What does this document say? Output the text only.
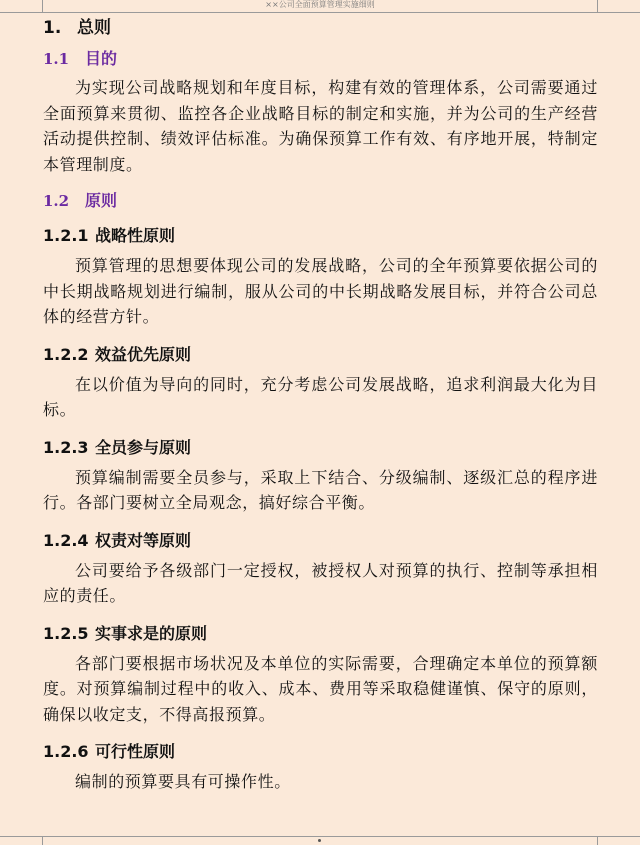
××公司全面预算管理实施细则
1. 总则
1.1 目的

为实现公司战略规划和年度目标，构建有效的管理体系，公司需要通过全面预算来贯彻、监控各企业战略目标的制定和实施，并为公司的生产经营活动提供控制、绩效评估标准。为确保预算工作有效、有序地开展，特制定本管理制度。

1.2 原则
1.2.1 战略性原则

预算管理的思想要体现公司的发展战略，公司的全年预算要依据公司的中长期战略规划进行编制，服从公司的中长期战略发展目标，并符合公司总体的经营方针。

1.2.2 效益优先原则

在以价值为导向的同时，充分考虑公司发展战略，追求利润最大化为目标。

1.2.3 全员参与原则

预算编制需要全员参与，采取上下结合、分级编制、逐级汇总的程序进行。各部门要树立全局观念，搞好综合平衡。

1.2.4 权责对等原则

公司要给予各级部门一定授权，被授权人对预算的执行、控制等承担相应的责任。

1.2.5 实事求是的原则

各部门要根据市场状况及本单位的实际需要，合理确定本单位的预算额度。对预算编制过程中的收入、成本、费用等采取稳健谨慎、保守的原则，确保以收定支，不得高报预算。

1.2.6 可行性原则

编制的预算要具有可操作性。
